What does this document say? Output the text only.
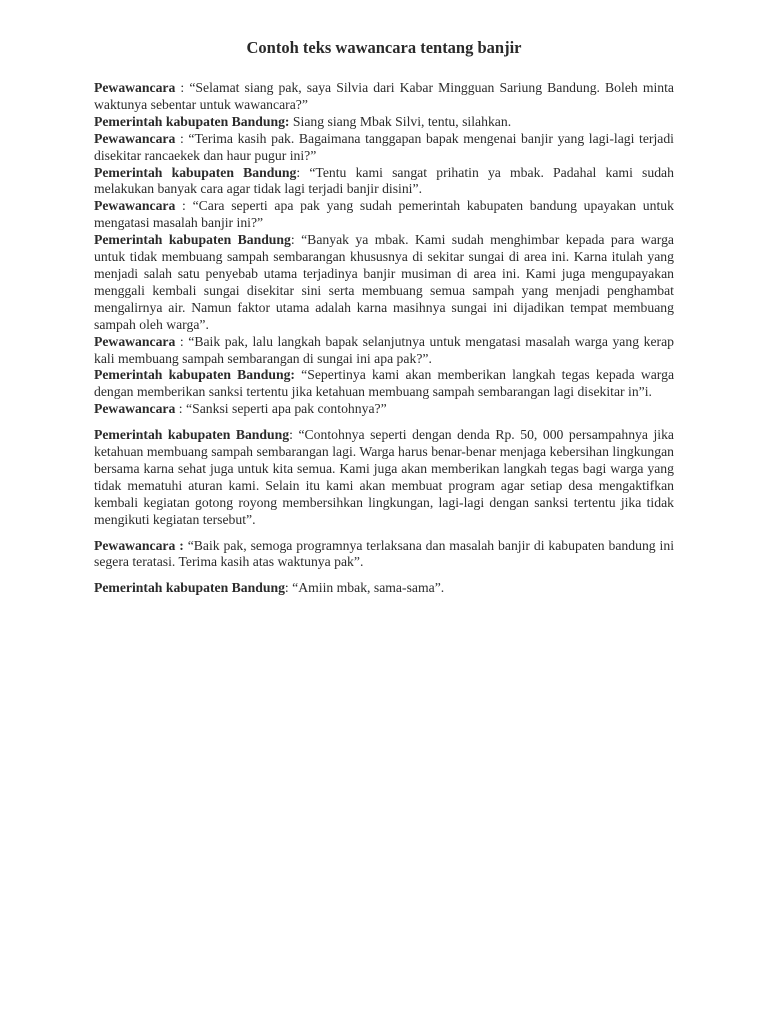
Contoh teks wawancara tentang banjir

Pewawancara : “Selamat siang pak, saya Silvia dari Kabar Mingguan Sariung Bandung. Boleh minta waktunya sebentar untuk wawancara?”

Pemerintah kabupaten Bandung: Siang siang Mbak Silvi, tentu, silahkan.

Pewawancara : “Terima kasih pak. Bagaimana tanggapan bapak mengenai banjir yang lagi-lagi terjadi disekitar rancaekek dan haur pugur ini?”

Pemerintah kabupaten Bandung: “Tentu kami sangat prihatin ya mbak. Padahal kami sudah melakukan banyak cara agar tidak lagi terjadi banjir disini”.

Pewawancara : “Cara seperti apa pak yang sudah pemerintah kabupaten bandung upayakan untuk mengatasi masalah banjir ini?”

Pemerintah kabupaten Bandung: “Banyak ya mbak. Kami sudah menghimbar kepada para warga untuk tidak membuang sampah sembarangan khususnya di sekitar sungai di area ini. Karna itulah yang menjadi salah satu penyebab utama terjadinya banjir musiman di area ini. Kami juga mengupayakan menggali kembali sungai disekitar sini serta membuang semua sampah yang menjadi penghambat mengalirnya air. Namun faktor utama adalah karna masihnya sungai ini dijadikan tempat membuang sampah oleh warga”.

Pewawancara : “Baik pak, lalu langkah bapak selanjutnya untuk mengatasi masalah warga yang kerap kali membuang sampah sembarangan di sungai ini apa pak?”.

Pemerintah kabupaten Bandung: “Sepertinya kami akan memberikan langkah tegas kepada warga dengan memberikan sanksi tertentu jika ketahuan membuang sampah sembarangan lagi disekitar in”i.

Pewawancara : “Sanksi seperti apa pak contohnya?”

Pemerintah kabupaten Bandung: “Contohnya seperti dengan denda Rp. 50, 000 persampahnya jika ketahuan membuang sampah sembarangan lagi. Warga harus benar-benar menjaga kebersihan lingkungan bersama karna sehat juga untuk kita semua. Kami juga akan memberikan langkah tegas bagi warga yang tidak mematuhi aturan kami. Selain itu kami akan membuat program agar setiap desa mengaktifkan kembali kegiatan gotong royong membersihkan lingkungan, lagi-lagi dengan sanksi tertentu jika tidak mengikuti kegiatan tersebut”.

Pewawancara : “Baik pak, semoga programnya terlaksana dan masalah banjir di kabupaten bandung ini segera teratasi. Terima kasih atas waktunya pak”.

Pemerintah kabupaten Bandung: “Amiin mbak, sama-sama”.
